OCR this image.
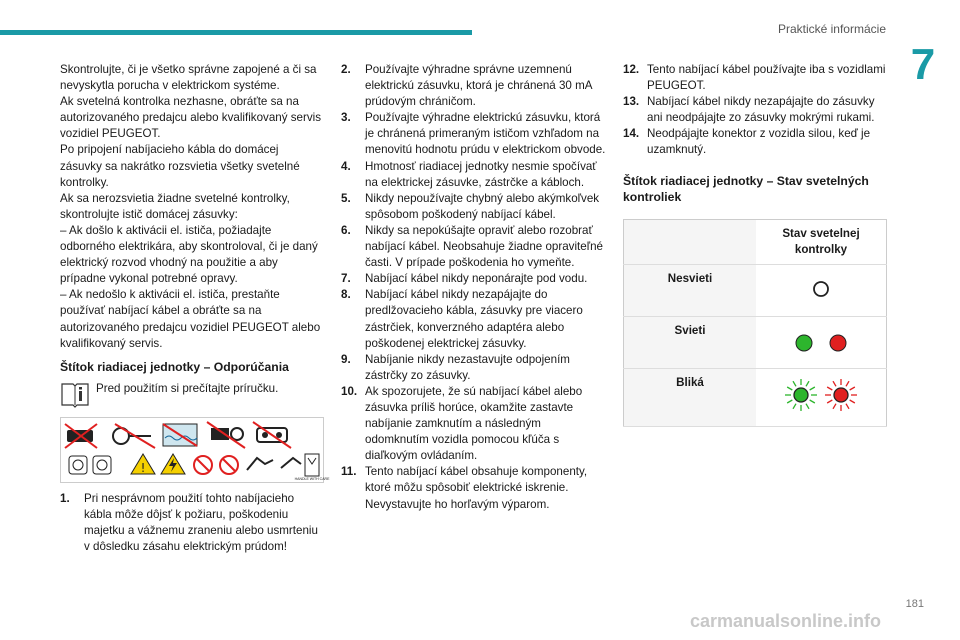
Praktické informácie
7

Skontrolujte, či je všetko správne zapojené a či sa nevyskytla porucha v elektrickom systéme.

Ak svetelná kontrolka nezhasne, obráťte sa na autorizovaného predajcu alebo kvalifikovaný servis vozidiel PEUGEOT.

Po pripojení nabíjacieho kábla do domácej zásuvky sa nakrátko rozsvietia všetky svetelné kontrolky.

Ak sa nerozsvietia žiadne svetelné kontrolky, skontrolujte istič domácej zásuvky:

– Ak došlo k aktivácii el. ističa, požiadajte odborného elektrikára, aby skontroloval, či je daný elektrický rozvod vhodný na použitie a aby prípadne vykonal potrebné opravy.

– Ak nedošlo k aktivácii el. ističa, prestaňte používať nabíjací kábel a obráťte sa na autorizovaného predajcu vozidiel PEUGEOT alebo kvalifikovaný servis.

Štítok riadiacej jednotky – Odporúčania
Pred použitím si prečítajte príručku.
!
HANDLE WITH CARE
1.	Pri nesprávnom použití tohto nabíjacieho kábla môže dôjsť k požiaru, poškodeniu majetku a vážnemu zraneniu alebo usmrteniu v dôsledku zásahu elektrickým prúdom!
2.	Používajte výhradne správne uzemnenú elektrickú zásuvku, ktorá je chránená 30 mA prúdovým chráničom.
3.	Používajte výhradne elektrickú zásuvku, ktorá je chránená primeraným ističom vzhľadom na menovitú hodnotu prúdu v elektrickom obvode.
4.	Hmotnosť riadiacej jednotky nesmie spočívať na elektrickej zásuvke, zástrčke a kábloch.
5.	Nikdy nepoužívajte chybný alebo akýmkoľvek spôsobom poškodený nabíjací kábel.
6.	Nikdy sa nepokúšajte opraviť alebo rozobrať nabíjací kábel. Neobsahuje žiadne opraviteľné časti. V prípade poškodenia ho vymeňte.
7.	Nabíjací kábel nikdy neponárajte pod vodu.
8.	Nabíjací kábel nikdy nezapájajte do predlžovacieho kábla, zásuvky pre viacero zástrčiek, konverzného adaptéra alebo poškodenej elektrickej zásuvky.
9.	Nabíjanie nikdy nezastavujte odpojením zástrčky zo zásuvky.
10. Ak spozorujete, že sú nabíjací kábel alebo zásuvka príliš horúce, okamžite zastavte nabíjanie zamknutím a následným odomknutím vozidla pomocou kľúča s diaľkovým ovládaním.
11. Tento nabíjací kábel obsahuje komponenty, ktoré môžu spôsobiť elektrické iskrenie. Nevystavujte ho horľavým výparom.
12. Tento nabíjací kábel používajte iba s vozidlami PEUGEOT.
13. Nabíjací kábel nikdy nezapájajte do zásuvky ani neodpájajte zo zásuvky mokrými rukami.
14. Neodpájajte konektor z vozidla silou, keď je uzamknutý.
Štítok riadiacej jednotky – Stav svetelných kontroliek
	Stav svetelnej kontrolky
Nesvieti	
Svieti	
Bliká	
181
carmanualsonline.info
